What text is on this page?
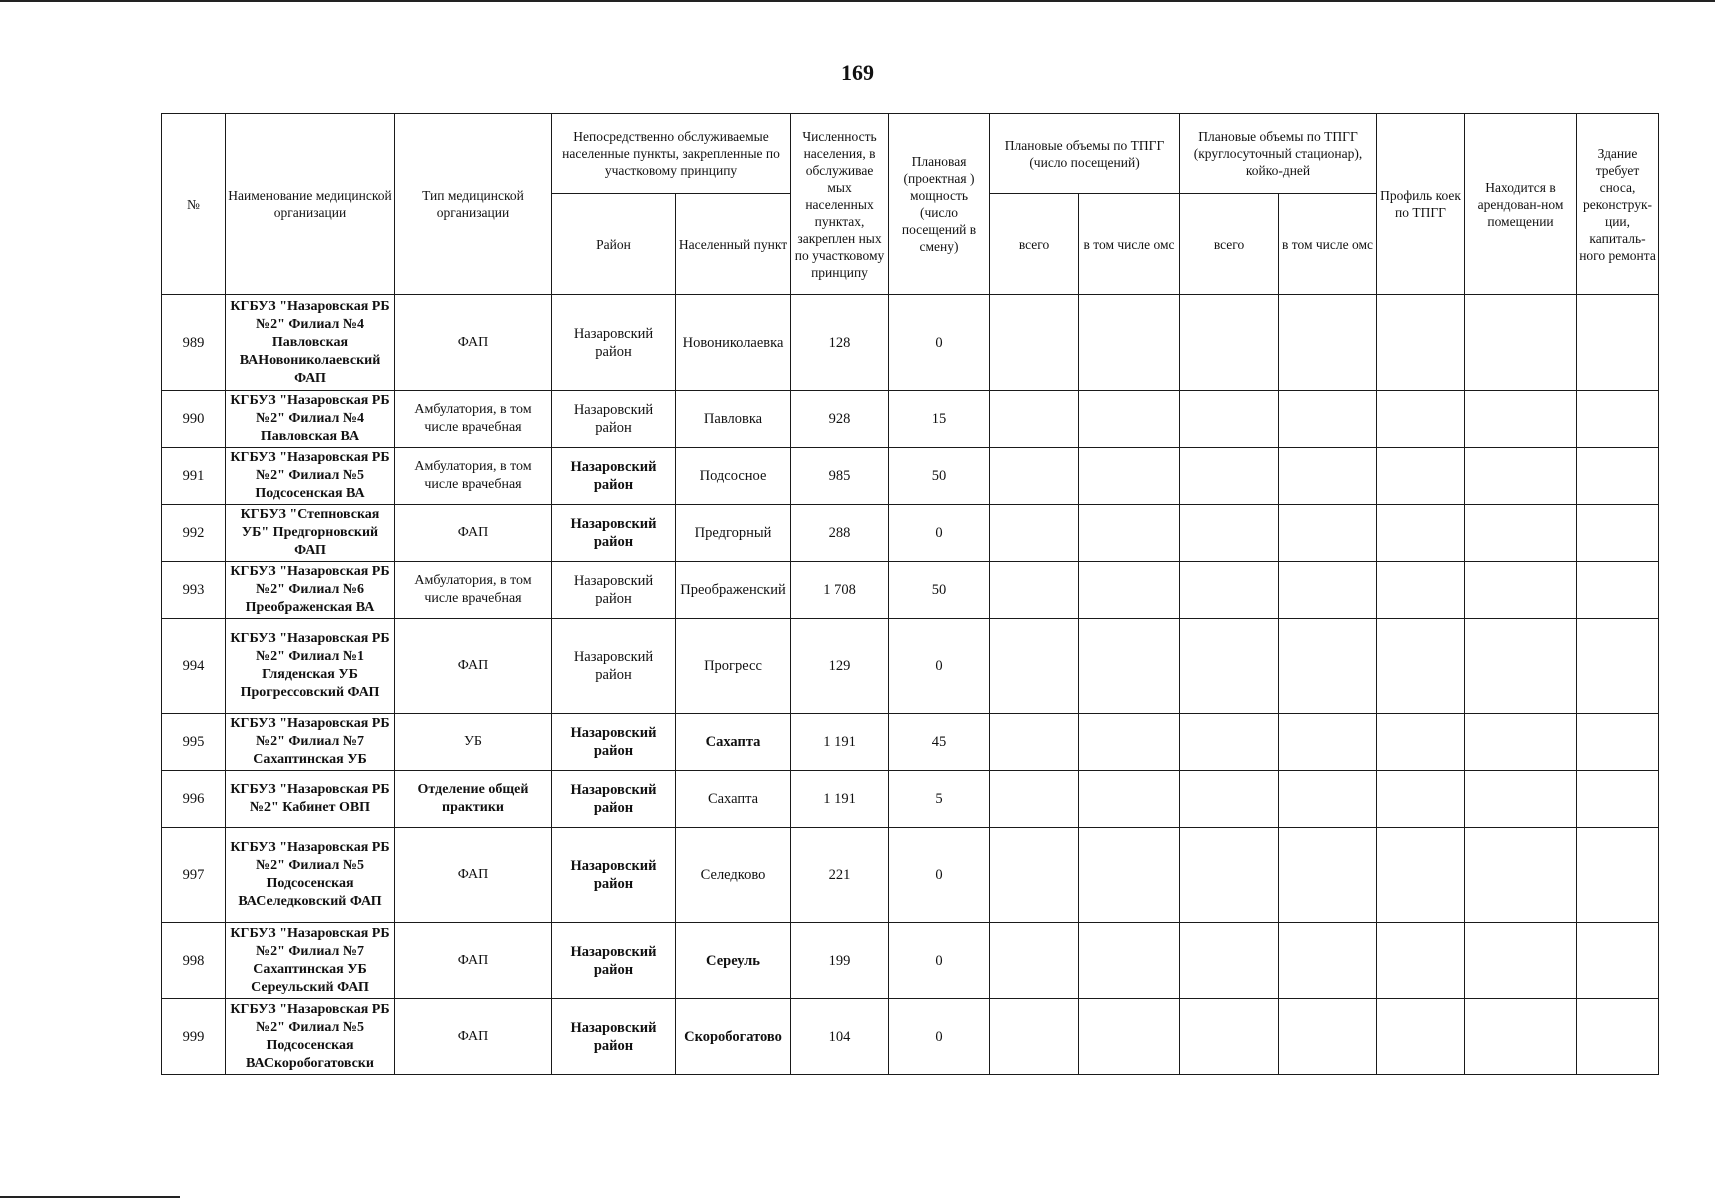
169
№	Наименование медицинской организации	Тип медицинской организации	Непосредственно обслуживаемые населенные пункты, закрепленные по участковому принципу		Численность населения, в обслуживае мых населенных пунктах, закреплен ных по участковому принципу	Плановая (проектная ) мощность (число посещений в смену)	Плановые объемы по ТПГГ (число посещений)		Плановые объемы по ТПГГ (круглосуточный стационар), койко-дней		Профиль коек по ТПГГ	Находится в арендован-ном помещении	Здание требует сноса, реконструк-ции, капиталь-ного ремонта
			Район	Населенный пункт			всего	в том числе омс	всего	в том числе омс			
989	КГБУЗ "Назаровская РБ №2" Филиал №4 Павловская ВАНовониколаевский ФАП	ФАП	Назаровский район	Новониколаевка	128	0							
990	КГБУЗ "Назаровская РБ №2" Филиал №4 Павловская ВА	Амбулатория, в том числе врачебная	Назаровский район	Павловка	928	15							
991	КГБУЗ "Назаровская РБ №2" Филиал №5 Подсосенская ВА	Амбулатория, в том числе врачебная	Назаровский район	Подсосное	985	50							
992	КГБУЗ "Степновская УБ" Предгорновский ФАП	ФАП	Назаровский район	Предгорный	288	0							
993	КГБУЗ "Назаровская РБ №2" Филиал №6 Преображенская ВА	Амбулатория, в том числе врачебная	Назаровский район	Преображенский	1 708	50							
994	КГБУЗ "Назаровская РБ №2" Филиал №1 Гляденская УБ Прогрессовский ФАП	ФАП	Назаровский район	Прогресс	129	0							
995	КГБУЗ "Назаровская РБ №2" Филиал №7 Сахаптинская УБ	УБ	Назаровский район	Сахапта	1 191	45							
996	КГБУЗ "Назаровская РБ №2" Кабинет ОВП	Отделение общей практики	Назаровский район	Сахапта	1 191	5							
997	КГБУЗ "Назаровская РБ №2" Филиал №5 Подсосенская ВАСеледковский ФАП	ФАП	Назаровский район	Селедково	221	0							
998	КГБУЗ "Назаровская РБ №2" Филиал №7 Сахаптинская УБ Сереульский ФАП	ФАП	Назаровский район	Сереуль	199	0							
999	КГБУЗ "Назаровская РБ №2" Филиал №5 Подсосенская ВАСкоробогатовски	ФАП	Назаровский район	Скоробогатово	104	0							
